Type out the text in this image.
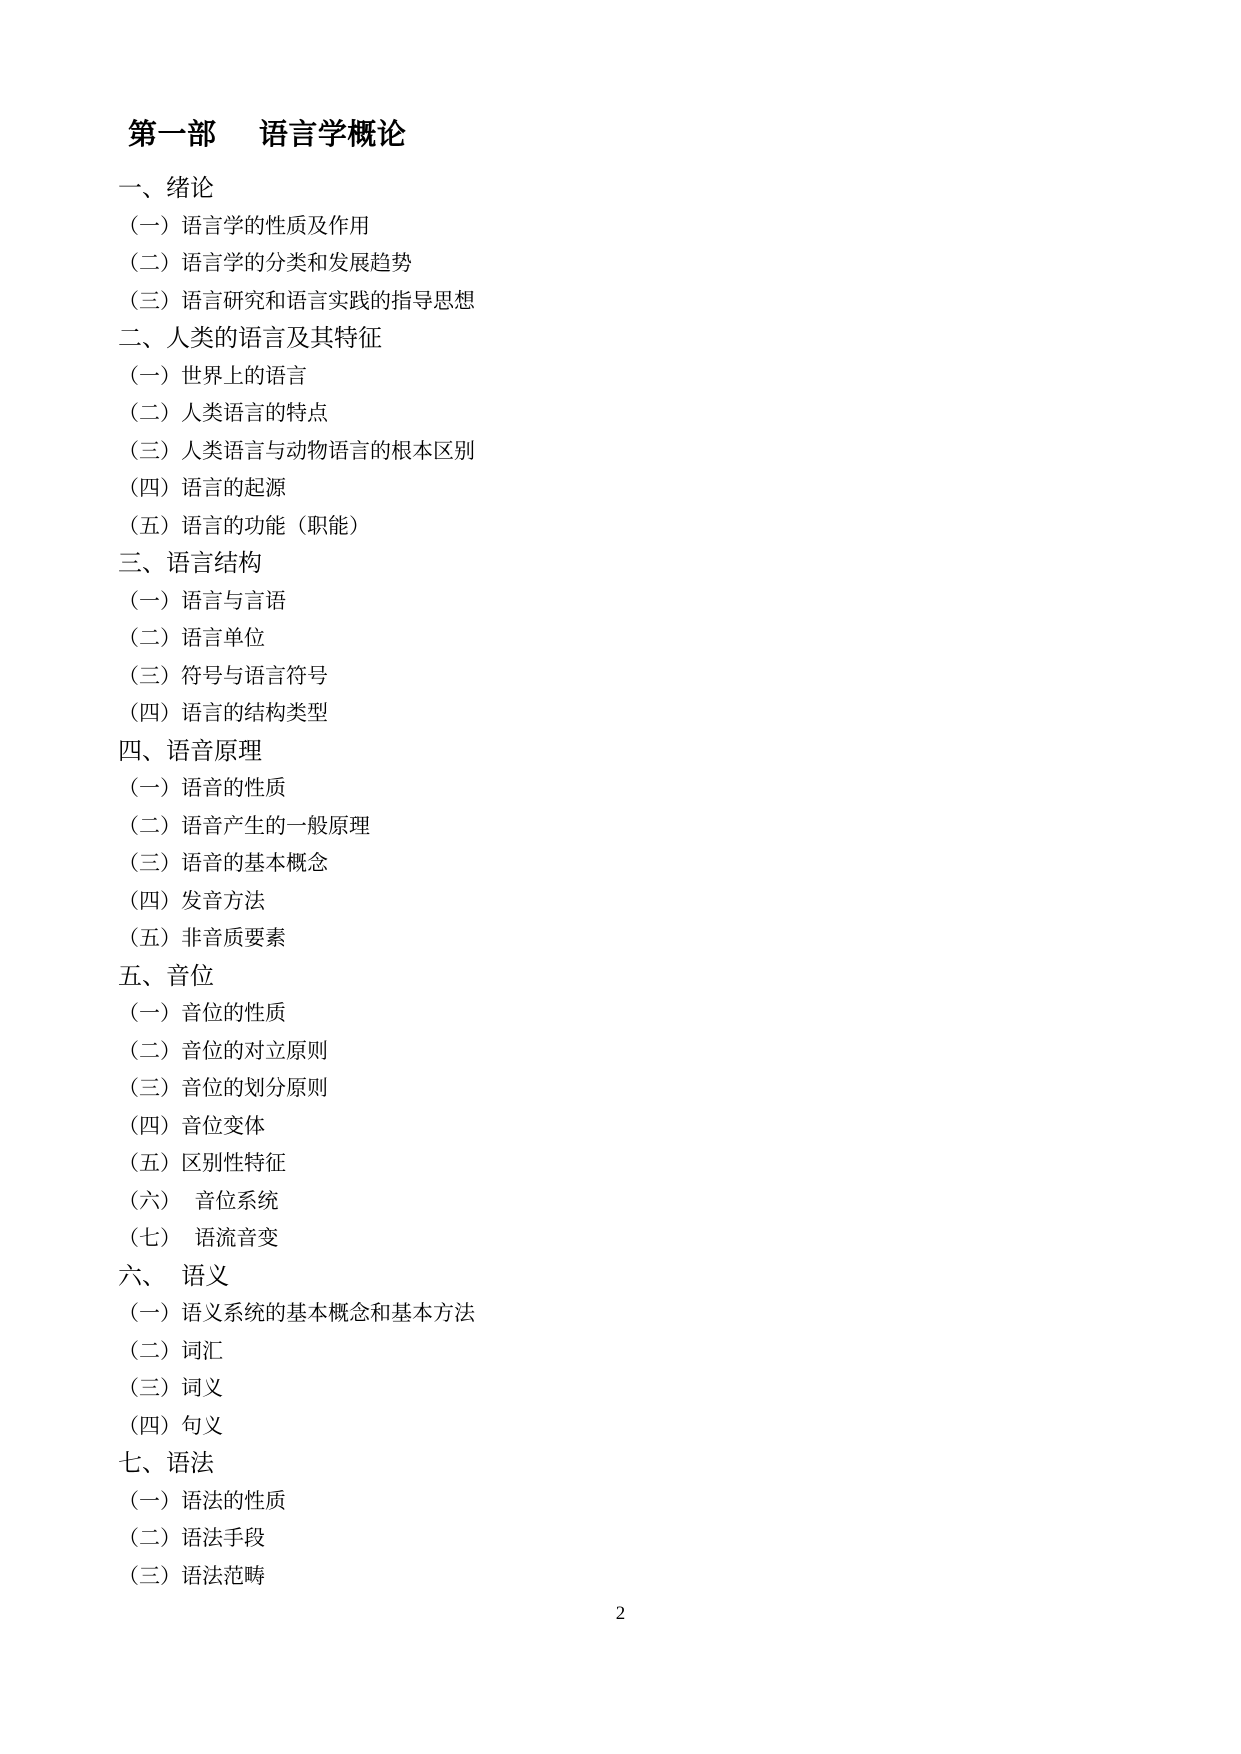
第一部    语言学概论
一、绪论
（一）语言学的性质及作用
（二）语言学的分类和发展趋势
（三）语言研究和语言实践的指导思想
二、人类的语言及其特征
（一）世界上的语言
（二）人类语言的特点
（三）人类语言与动物语言的根本区别
（四）语言的起源
（五）语言的功能（职能）
三、语言结构
（一）语言与言语
（二）语言单位
（三）符号与语言符号
（四）语言的结构类型
四、语音原理
（一）语音的性质
（二）语音产生的一般原理
（三）语音的基本概念
（四）发音方法
（五）非音质要素
五、音位
（一）音位的性质
（二）音位的对立原则
（三）音位的划分原则
（四）音位变体
（五）区别性特征
（六）  音位系统
（七）  语流音变
六、  语义
（一）语义系统的基本概念和基本方法
（二）词汇
（三）词义
（四）句义
七、语法
（一）语法的性质
（二）语法手段
（三）语法范畴
2
